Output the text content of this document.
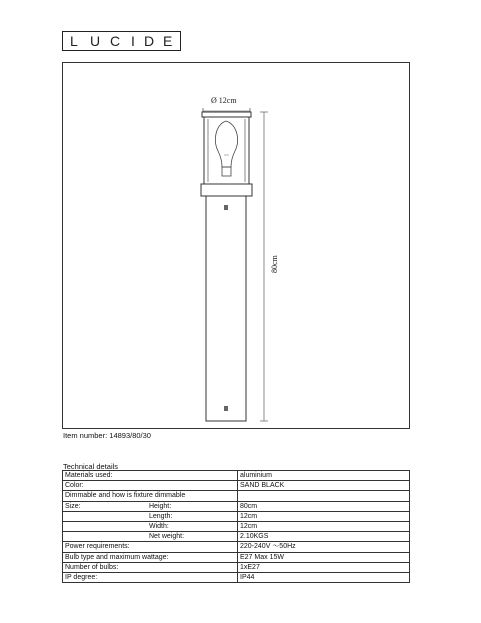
L U C I D E
Ø 12cm
80cm
Item number: 14893/80/30
Technical details
Materials used:	aluminium
Color:	SAND BLACK
Dimmable and how is fixture dimmable	
Size: Height:	80cm

Length:	12cm

Width:	12cm

Net weight:	2.10KGS
Power requirements:	220-240V ～50Hz
Bulb type and maximum wattage:	E27 Max 15W
Number of bulbs:	1xE27
IP degree:	IP44
